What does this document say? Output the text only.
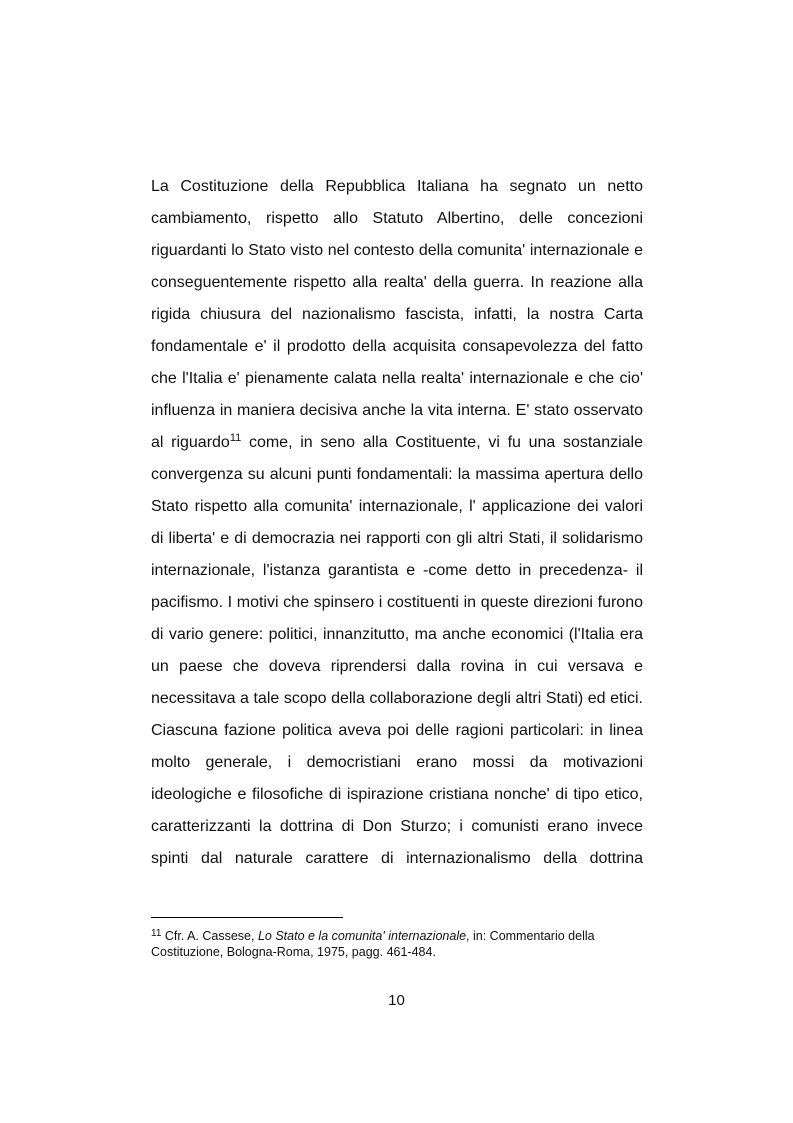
La Costituzione della Repubblica Italiana ha segnato un netto
cambiamento, rispetto allo Statuto Albertino, delle concezioni
riguardanti lo Stato visto nel contesto della comunita' internazionale e
conseguentemente rispetto alla realta' della guerra. In reazione alla
rigida chiusura del nazionalismo fascista, infatti, la nostra Carta
fondamentale e' il prodotto della acquisita consapevolezza del fatto
che l'Italia e' pienamente calata nella realta' internazionale e che cio'
influenza in maniera decisiva anche la vita interna. E' stato osservato
al riguardo$^{11}$ come, in seno alla Costituente, vi fu una sostanziale
convergenza su alcuni punti fondamentali: la massima apertura dello
Stato rispetto alla comunita' internazionale, l' applicazione dei valori
di liberta' e di democrazia nei rapporti con gli altri Stati, il solidarismo
internazionale, l'istanza garantista e -come detto in precedenza- il
pacifismo. I motivi che spinsero i costituenti in queste direzioni furono
di vario genere: politici, innanzitutto, ma anche economici (l'Italia era
un paese che doveva riprendersi dalla rovina in cui versava e
necessitava a tale scopo della collaborazione degli altri Stati) ed etici.
Ciascuna fazione politica aveva poi delle ragioni particolari: in linea
molto generale, i democristiani erano mossi da motivazioni
ideologiche e filosofiche di ispirazione cristiana nonche' di tipo etico,
caratterizzanti la dottrina di Don Sturzo; i comunisti erano invece
spinti dal naturale carattere di internazionalismo della dottrina

$^{11}$ Cfr. A. Cassese, Lo Stato e la comunita' internazionale, in: Commentario della Costituzione, Bologna-Roma, 1975, pagg. 461-484.

10
